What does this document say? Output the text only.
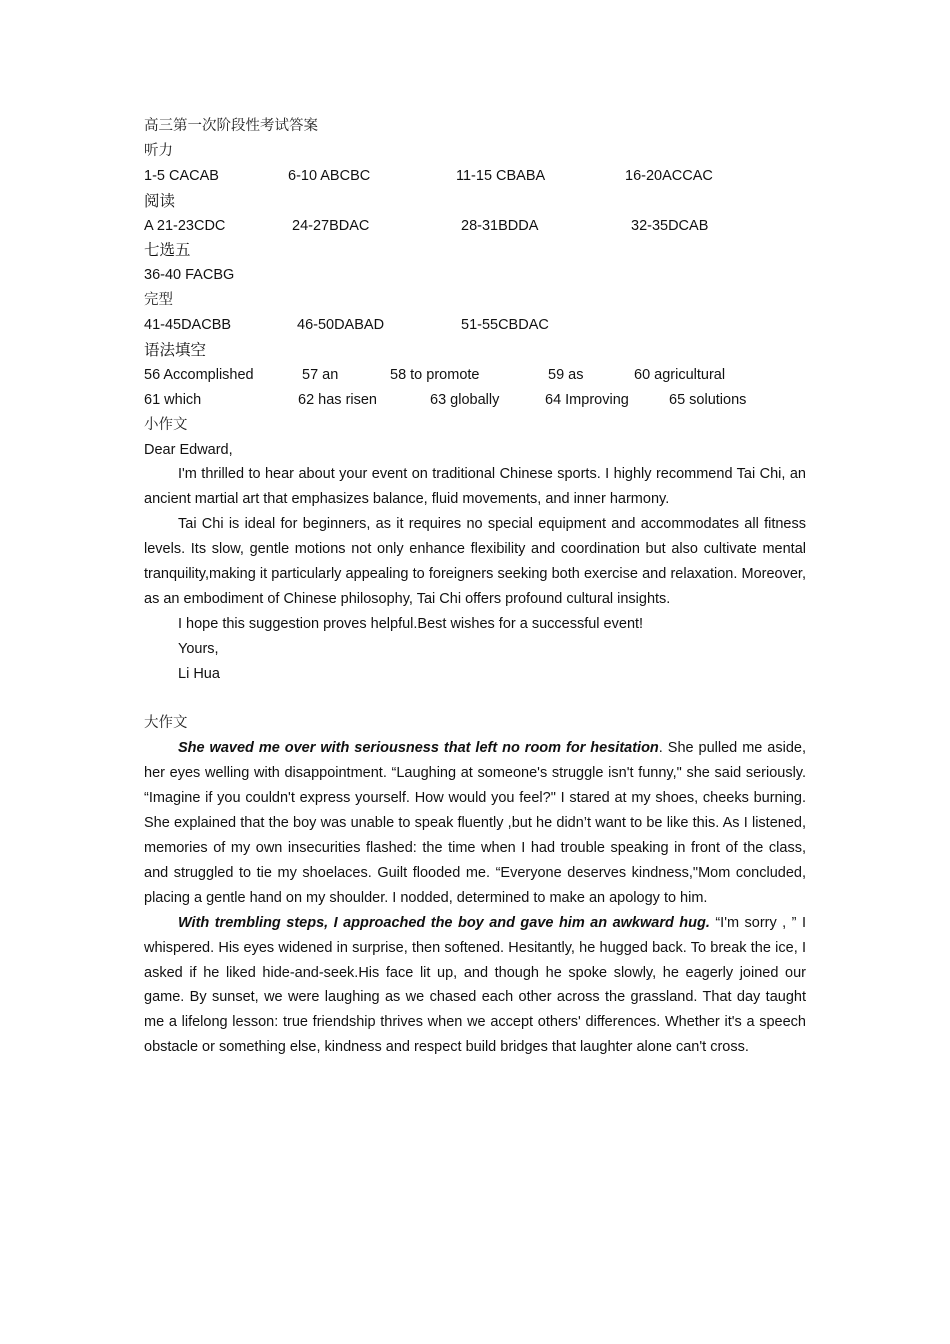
高三第一次阶段性考试答案
听力
1-5 CACAB	6-10 ABCBC	11-15 CBABA	16-20ACCAC
阅读
A 21-23CDC	24-27BDAC	28-31BDDA	32-35DCAB
七选五
36-40 FACBG
完型
41-45DACBB	46-50DABAD	51-55CBDAC
语法填空
56 Accomplished	57 an	58 to promote	59 as	60 agricultural
61 which	62 has risen	63 globally	64 Improving	65 solutions
小作文
Dear Edward,

I'm thrilled to hear about your event on traditional Chinese sports. I highly recommend Tai Chi, an ancient martial art that emphasizes balance, fluid movements, and inner harmony.

Tai Chi is ideal for beginners, as it requires no special equipment and accommodates all fitness levels. Its slow, gentle motions not only enhance flexibility and coordination but also cultivate mental tranquility,making it particularly appealing to foreigners seeking both exercise and relaxation. Moreover, as an embodiment of Chinese philosophy, Tai Chi offers profound cultural insights.

I hope this suggestion proves helpful.Best wishes for a successful event!
Yours,
Li Hua
大作文

She waved me over with seriousness that left no room for hesitation. She pulled me aside, her eyes welling with disappointment. “Laughing at someone's struggle isn't funny," she said seriously. “Imagine if you couldn't express yourself. How would you feel?" I stared at my shoes, cheeks burning. She explained that the boy was unable to speak fluently ,but he didn’t want to be like this. As I listened, memories of my own insecurities flashed: the time when I had trouble speaking in front of the class, and struggled to tie my shoelaces. Guilt flooded me. “Everyone deserves kindness,"Mom concluded, placing a gentle hand on my shoulder. I nodded, determined to make an apology to him.

With trembling steps, I approached the boy and gave him an awkward hug. “I'm sorry , ” I whispered. His eyes widened in surprise, then softened. Hesitantly, he hugged back. To break the ice, I asked if he liked hide-and-seek.His face lit up, and though he spoke slowly, he eagerly joined our game. By sunset, we were laughing as we chased each other across the grassland. That day taught me a lifelong lesson: true friendship thrives when we accept others' differences. Whether it's a speech obstacle or something else, kindness and respect build bridges that laughter alone can't cross.
